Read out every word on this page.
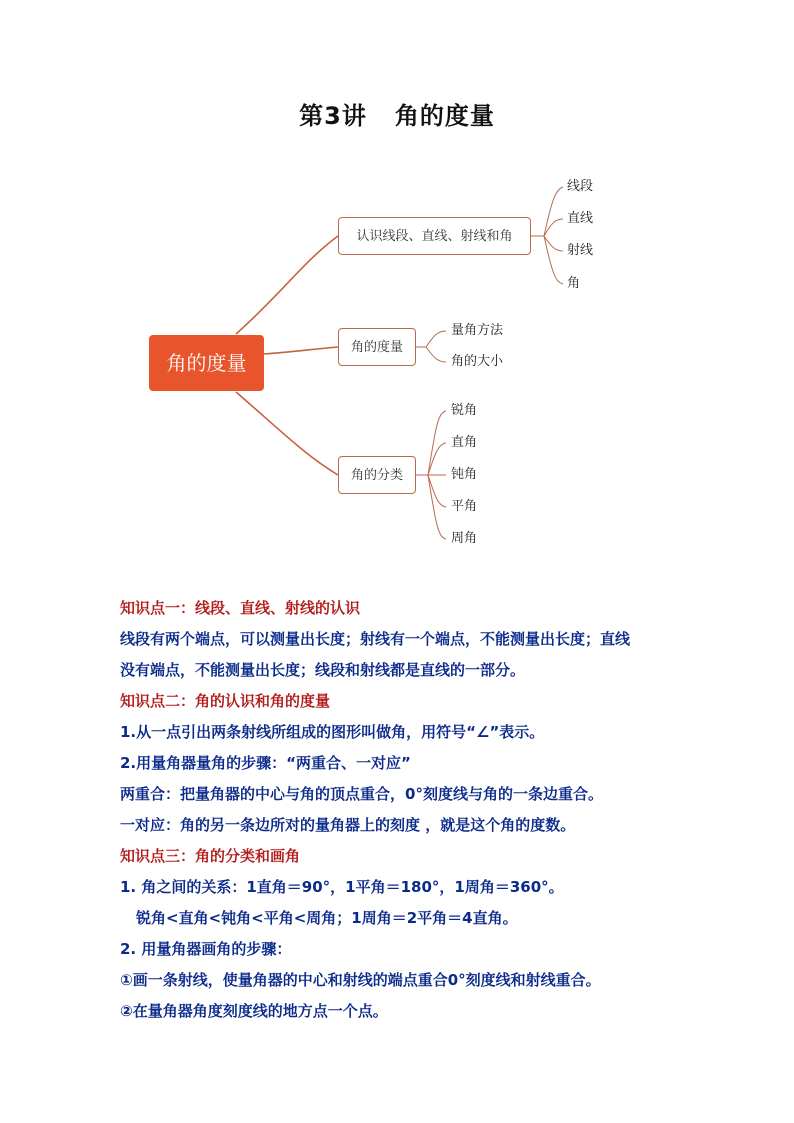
第3讲 角的度量
角的度量
认识线段、直线、射线和角
角的度量
角的分类
线段
直线
射线
角
量角方法
角的大小
锐角
直角
钝角
平角
周角
知识点一：线段、直线、射线的认识
线段有两个端点，可以测量出长度；射线有一个端点，不能测量出长度；直线
没有端点，不能测量出长度；线段和射线都是直线的一部分。
知识点二：角的认识和角的度量
1.从一点引出两条射线所组成的图形叫做角，用符号“∠”表示。
2.用量角器量角的步骤：“两重合、一对应”
两重合：把量角器的中心与角的顶点重合，0°刻度线与角的一条边重合。
一对应：角的另一条边所对的量角器上的刻度 ，就是这个角的度数。
知识点三：角的分类和画角
1. 角之间的关系：1直角＝90°，1平角＝180°，1周角＝360°。
锐角<直角<钝角<平角<周角；1周角＝2平角＝4直角。
2. 用量角器画角的步骤：
①画一条射线，使量角器的中心和射线的端点重合0°刻度线和射线重合。
②在量角器角度刻度线的地方点一个点。
